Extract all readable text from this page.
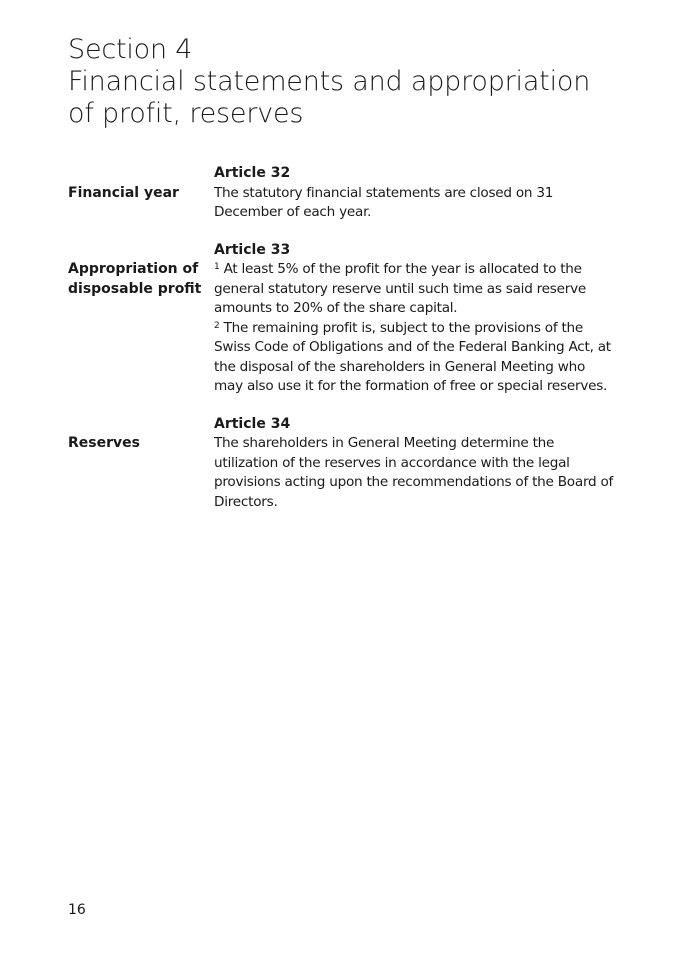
Section 4
Financial statements and appropriation
of profit, reserves
Article 32
Financial year	The statutory financial statements are closed on 31 December of each year.
Article 33
Appropriation of
disposable profit
$^1$ At least 5% of the profit for the year is allocated to the general statutory reserve until such time as said reserve amounts to 20% of the share capital.
$^2$ The remaining profit is, subject to the provisions of the Swiss Code of Obligations and of the Federal Banking Act, at the disposal of the shareholders in General Meeting who may also use it for the formation of free or special reserves.
Article 34
Reserves	The shareholders in General Meeting determine the utilization of the reserves in accordance with the legal provisions acting upon the recommendations of the Board of Directors.
16
